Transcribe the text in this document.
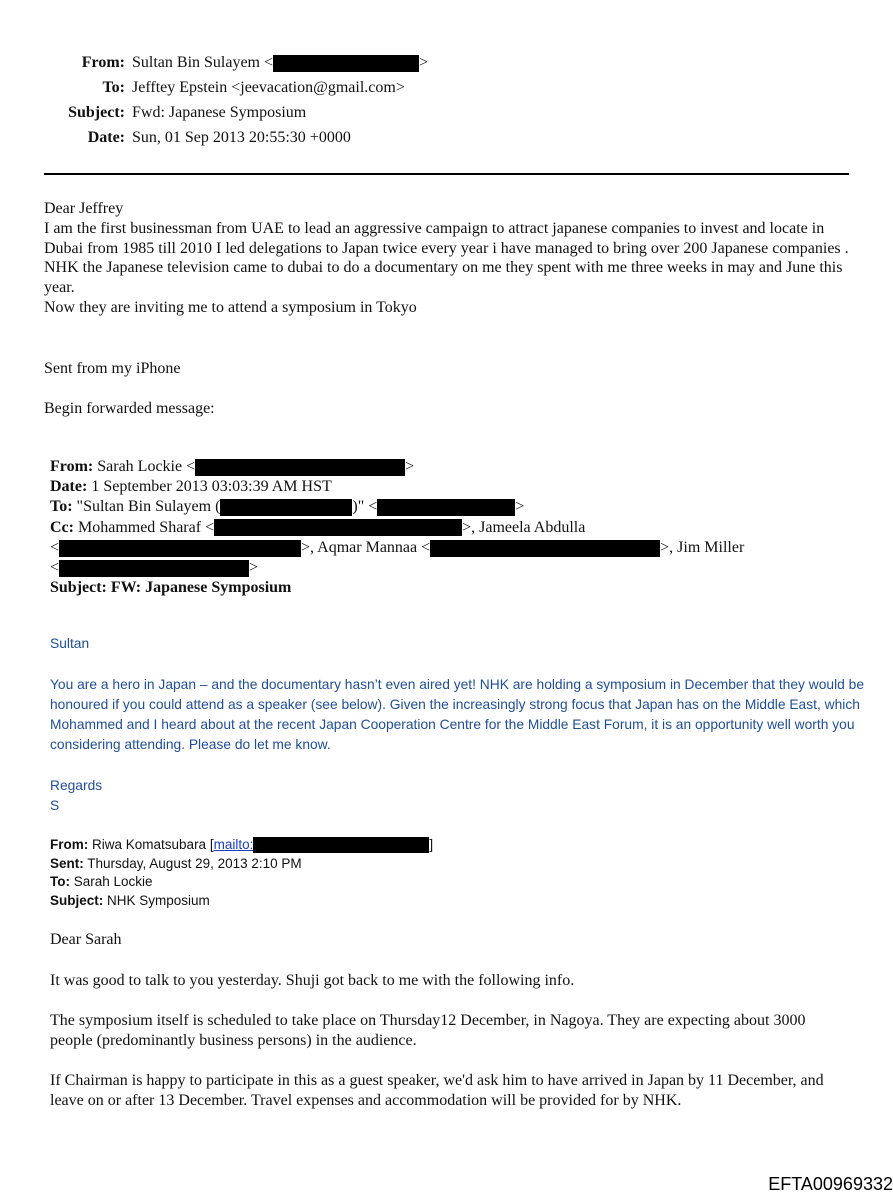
From: Sultan Bin Sulayem <	>
To: Jefftey Epstein <jeevacation@gmail.com>
Subject: Fwd: Japanese Symposium
Date: Sun, 01 Sep 2013 20:55:30 +0000

Dear Jeffrey

I am the first businessman from UAE to lead an aggressive campaign to attract japanese companies to invest and locate in Dubai from 1985 till 2010 I led delegations to Japan twice every year i have managed to bring over 200 Japanese companies .

NHK the Japanese television came to dubai to do a documentary on me they spent with me three weeks in may and June this year.

Now they are inviting me to attend a symposium in Tokyo

Sent from my iPhone
Begin forwarded message:
From: Sarah Lockie <	>
Date: 1 September 2013 03:03:39 AM HST
To: "Sultan Bin Sulayem (	)" <	>
Cc: Mohammed Sharaf <	>, Jameela Abdulla
<	>, Aqmar Mannaa <	>, Jim Miller
<	>
Subject: FW: Japanese Symposium
Sultan

You are a hero in Japan – and the documentary hasn’t even aired yet! NHK are holding a symposium in December that they would be honoured if you could attend as a speaker (see below). Given the increasingly strong focus that Japan has on the Middle East, which Mohammed and I heard about at the recent Japan Cooperation Centre for the Middle East Forum, it is an opportunity well worth you considering attending. Please do let me know.

Regards

S

From: Riwa Komatsubara [mailto:	]
Sent: Thursday, August 29, 2013 2:10 PM
To: Sarah Lockie
Subject: NHK Symposium
Dear Sarah

It was good to talk to you yesterday. Shuji got back to me with the following info.

The symposium itself is scheduled to take place on Thursday12 December, in Nagoya. They are expecting about 3000 people (predominantly business persons) in the audience.

If Chairman is happy to participate in this as a guest speaker, we'd ask him to have arrived in Japan by 11 December, and leave on or after 13 December. Travel expenses and accommodation will be provided for by NHK.

EFTA00969332
